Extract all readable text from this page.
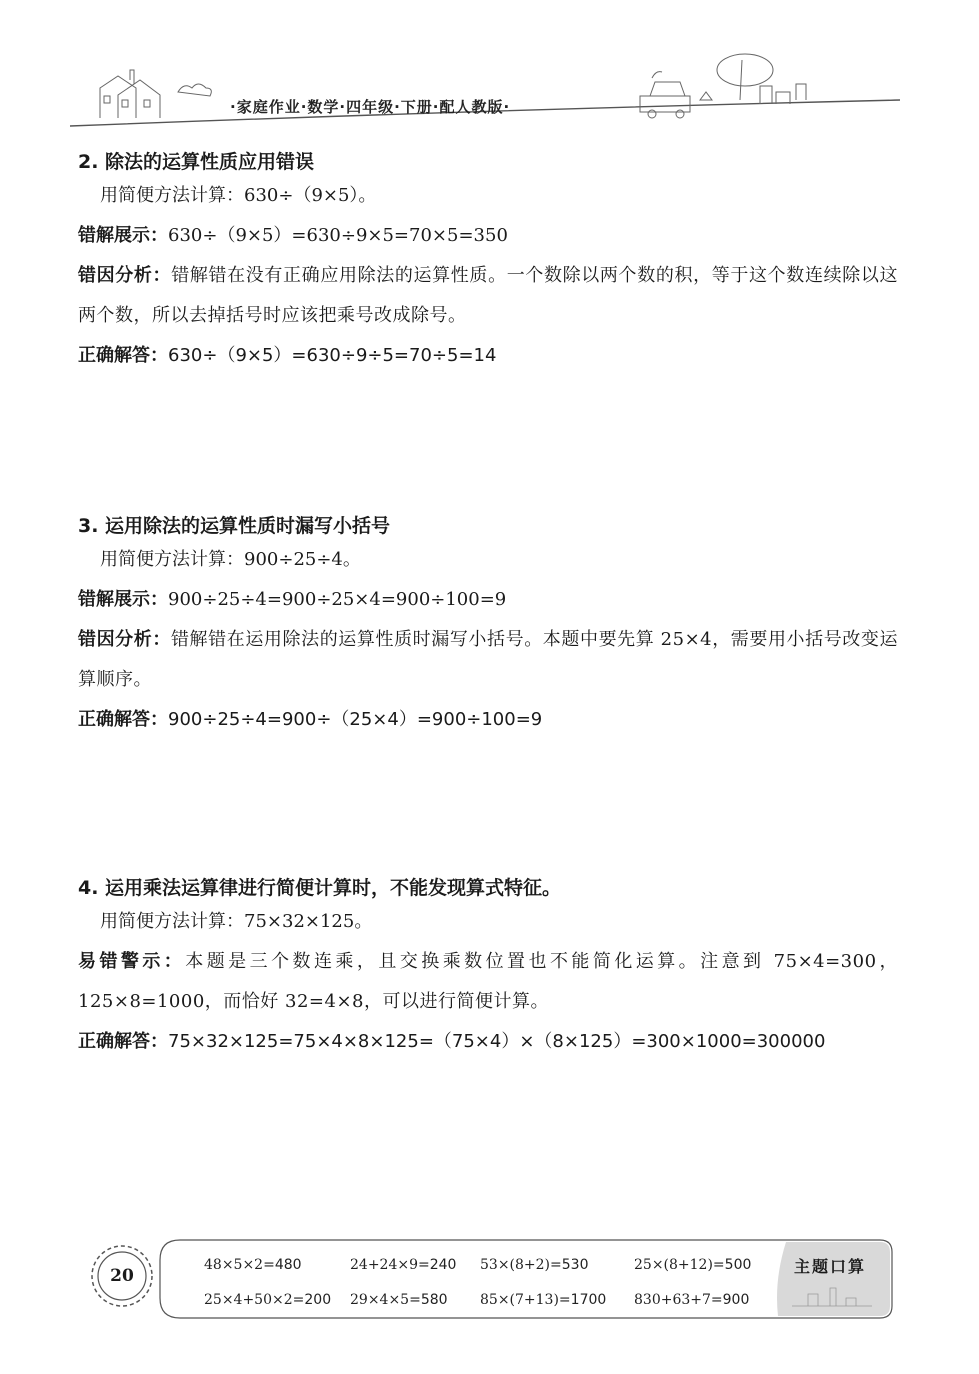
·家庭作业·数学·四年级·下册·配人教版·

2. 除法的运算性质应用错误

用简便方法计算：630÷（9×5）。

错解展示：630÷（9×5）=630÷9×5=70×5=350

错因分析：错解错在没有正确应用除法的运算性质。一个数除以两个数的积，等于这个数连续除以这两个数，所以去掉括号时应该把乘号改成除号。

正确解答：630÷（9×5）=630÷9÷5=70÷5=14

3. 运用除法的运算性质时漏写小括号

用简便方法计算：900÷25÷4。

错解展示：900÷25÷4=900÷25×4=900÷100=9

错因分析：错解错在运用除法的运算性质时漏写小括号。本题中要先算 25×4，需要用小括号改变运算顺序。

正确解答：900÷25÷4=900÷（25×4）=900÷100=9

4. 运用乘法运算律进行简便计算时，不能发现算式特征。

用简便方法计算：75×32×125。

易错警示：本题是三个数连乘，且交换乘数位置也不能简化运算。注意到 75×4=300，125×8=1000，而恰好 32=4×8，可以进行简便计算。

正确解答：75×32×125=75×4×8×125=（75×4）×（8×125）=300×1000=300000

20	主题口算
48×5×2=480	24+24×9=240 53×(8+2)=530	25×(8+12)=500
25×4+50×2=200 29×4×5=580 85×(7+13)=1700 830+63+7=900
